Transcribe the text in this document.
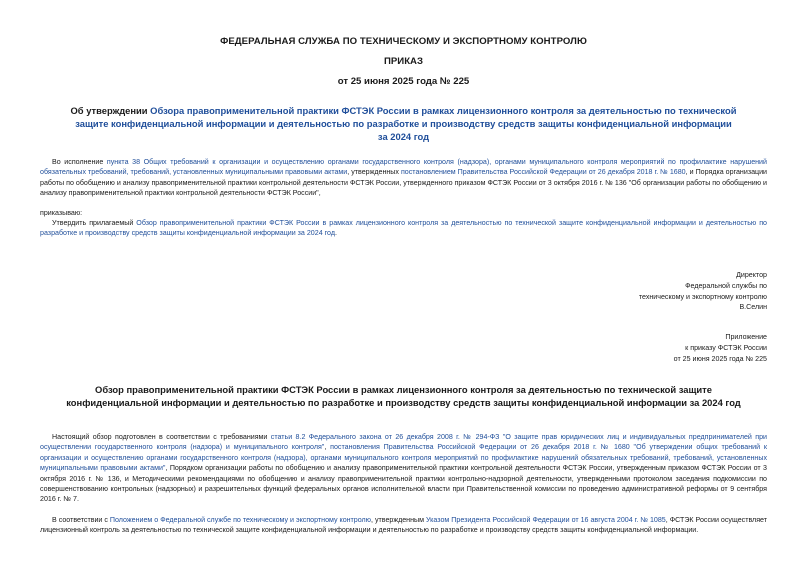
ФЕДЕРАЛЬНАЯ СЛУЖБА ПО ТЕХНИЧЕСКОМУ И ЭКСПОРТНОМУ КОНТРОЛЮ
ПРИКАЗ
от 25 июня 2025 года № 225
Об утверждении Обзора правоприменительной практики ФСТЭК России в рамках лицензионного контроля за деятельностью по технической защите конфиденциальной информации и деятельностью по разработке и производству средств защиты конфиденциальной информации за 2024 год
Во исполнение пункта 38 Общих требований к организации и осуществлению органами государственного контроля (надзора), органами муниципального контроля мероприятий по профилактике нарушений обязательных требований, требований, установленных муниципальными правовыми актами, утвержденных постановлением Правительства Российской Федерации от 26 декабря 2018 г. № 1680, и Порядка организации работы по обобщению и анализу правоприменительной практики контрольной деятельности ФСТЭК России, утвержденного приказом ФСТЭК России от 3 октября 2016 г. № 136 "Об организации работы по обобщению и анализу правоприменительной практики контрольной деятельности ФСТЭК России",
приказываю:
Утвердить прилагаемый Обзор правоприменительной практики ФСТЭК России в рамках лицензионного контроля за деятельностью по технической защите конфиденциальной информации и деятельностью по разработке и производству средств защиты конфиденциальной информации за 2024 год.
Директор
Федеральной службы по
техническому и экспортному контролю
В.Селин
Приложение
к приказу ФСТЭК России
от 25 июня 2025 года № 225
Обзор правоприменительной практики ФСТЭК России в рамках лицензионного контроля за деятельностью по технической защите конфиденциальной информации и деятельностью по разработке и производству средств защиты конфиденциальной информации за 2024 год
Настоящий обзор подготовлен в соответствии с требованиями статьи 8.2 Федерального закона от 26 декабря 2008 г. № 294-ФЗ "О защите прав юридических лиц и индивидуальных предпринимателей при осуществлении государственного контроля (надзора) и муниципального контроля", постановления Правительства Российской Федерации от 26 декабря 2018 г. № 1680 "Об утверждении общих требований к организации и осуществлению органами государственного контроля (надзора), органами муниципального контроля мероприятий по профилактике нарушений обязательных требований, требований, установленных муниципальными правовыми актами", Порядком организации работы по обобщению и анализу правоприменительной практики контрольной деятельности ФСТЭК России, утвержденным приказом ФСТЭК России от 3 октября 2016 г. № 136, и Методическими рекомендациями по обобщению и анализу правоприменительной практики контрольно-надзорной деятельности, утвержденными протоколом заседания подкомиссии по совершенствованию контрольных (надзорных) и разрешительных функций федеральных органов исполнительной власти при Правительственной комиссии по проведению административной реформы от 9 сентября 2016 г. № 7.
В соответствии с Положением о Федеральной службе по техническому и экспортному контролю, утвержденным Указом Президента Российской Федерации от 16 августа 2004 г. № 1085, ФСТЭК России осуществляет лицензионный контроль за деятельностью по технической защите конфиденциальной информации и деятельностью по разработке и производству средств защиты конфиденциальной информации.
